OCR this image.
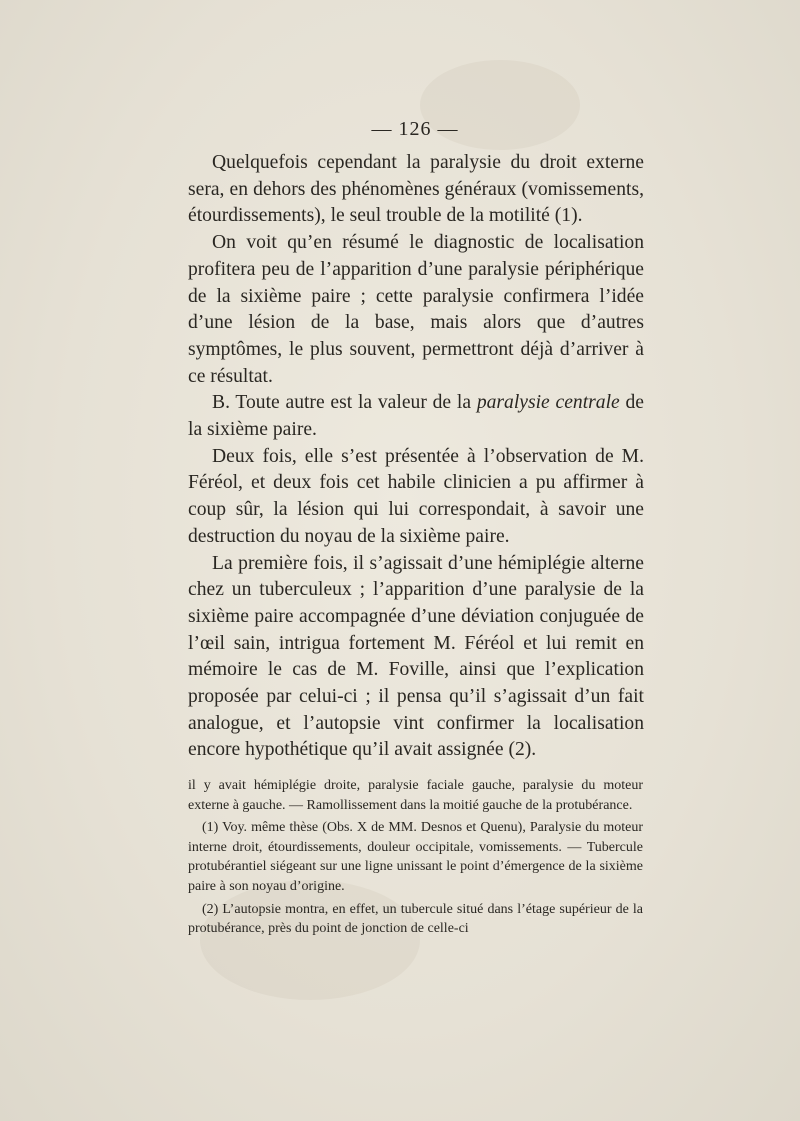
— 126 —

Quelquefois cependant la paralysie du droit externe sera, en dehors des phénomènes généraux (vomissements, étourdissements), le seul trouble de la motilité (1).

On voit qu’en résumé le diagnostic de localisation profitera peu de l’apparition d’une paralysie périphérique de la sixième paire ; cette paralysie confirmera l’idée d’une lésion de la base, mais alors que d’autres symptômes, le plus souvent, permettront déjà d’arriver à ce résultat.

B. Toute autre est la valeur de la paralysie centrale de la sixième paire.

Deux fois, elle s’est présentée à l’observation de M. Féréol, et deux fois cet habile clinicien a pu affirmer à coup sûr, la lésion qui lui correspondait, à savoir une destruction du noyau de la sixième paire.

La première fois, il s’agissait d’une hémiplégie alterne chez un tuberculeux ; l’apparition d’une paralysie de la sixième paire accompagnée d’une déviation conjuguée de l’œil sain, intrigua fortement M. Féréol et lui remit en mémoire le cas de M. Foville, ainsi que l’explication proposée par celui-ci ; il pensa qu’il s’agissait d’un fait analogue, et l’autopsie vint confirmer la localisation encore hypothétique qu’il avait assignée (2).

il y avait hémiplégie droite, paralysie faciale gauche, paralysie du moteur externe à gauche. — Ramollissement dans la moitié gauche de la protubérance.

(1) Voy. même thèse (Obs. X de MM. Desnos et Quenu), Paralysie du moteur interne droit, étourdissements, douleur occipitale, vomissements. — Tubercule protubérantiel siégeant sur une ligne unissant le point d’émergence de la sixième paire à son noyau d’origine.

(2) L’autopsie montra, en effet, un tubercule situé dans l’étage supérieur de la protubérance, près du point de jonction de celle-ci
